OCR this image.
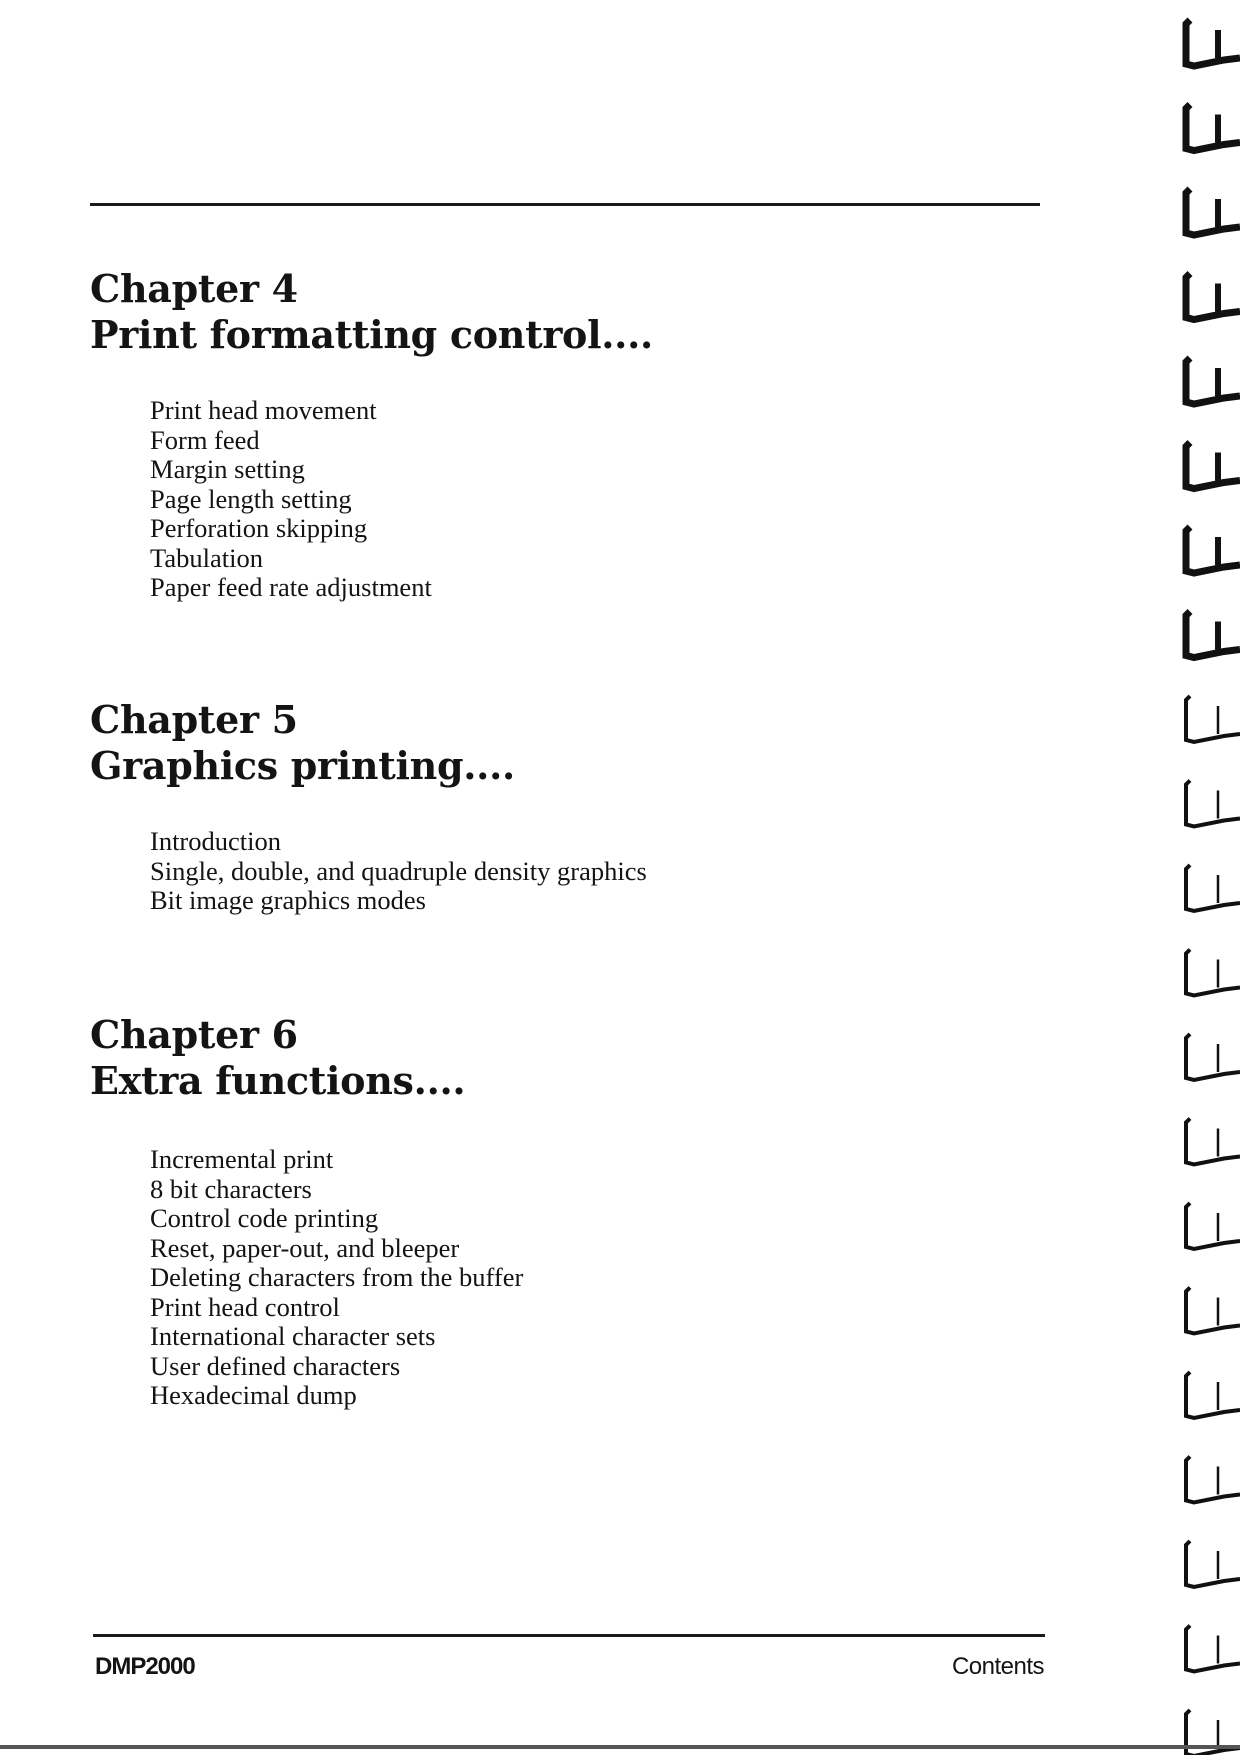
Chapter 4
Print formatting control....
Print head movement
Form feed
Margin setting
Page length setting
Perforation skipping
Tabulation
Paper feed rate adjustment
Chapter 5
Graphics printing....
Introduction
Single, double, and quadruple density graphics
Bit image graphics modes
Chapter 6
Extra functions....
Incremental print
8 bit characters
Control code printing
Reset, paper-out, and bleeper
Deleting characters from the buffer
Print head control
International character sets
User defined characters
Hexadecimal dump
DMP2000	Contents
